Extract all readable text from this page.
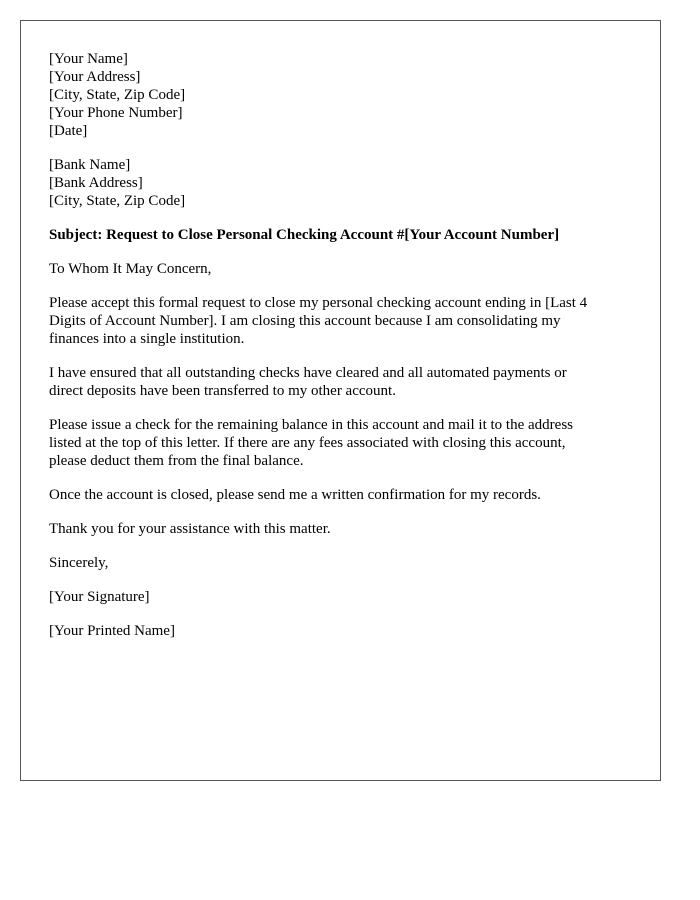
[Your Name]
[Your Address]
[City, State, Zip Code]
[Your Phone Number]
[Date]
[Bank Name]
[Bank Address]
[City, State, Zip Code]
Subject: Request to Close Personal Checking Account #[Your Account Number]
To Whom It May Concern,
Please accept this formal request to close my personal checking account ending in [Last 4
Digits of Account Number]. I am closing this account because I am consolidating my
finances into a single institution.
I have ensured that all outstanding checks have cleared and all automated payments or
direct deposits have been transferred to my other account.
Please issue a check for the remaining balance in this account and mail it to the address
listed at the top of this letter. If there are any fees associated with closing this account,
please deduct them from the final balance.
Once the account is closed, please send me a written confirmation for my records.
Thank you for your assistance with this matter.
Sincerely,
[Your Signature]
[Your Printed Name]
